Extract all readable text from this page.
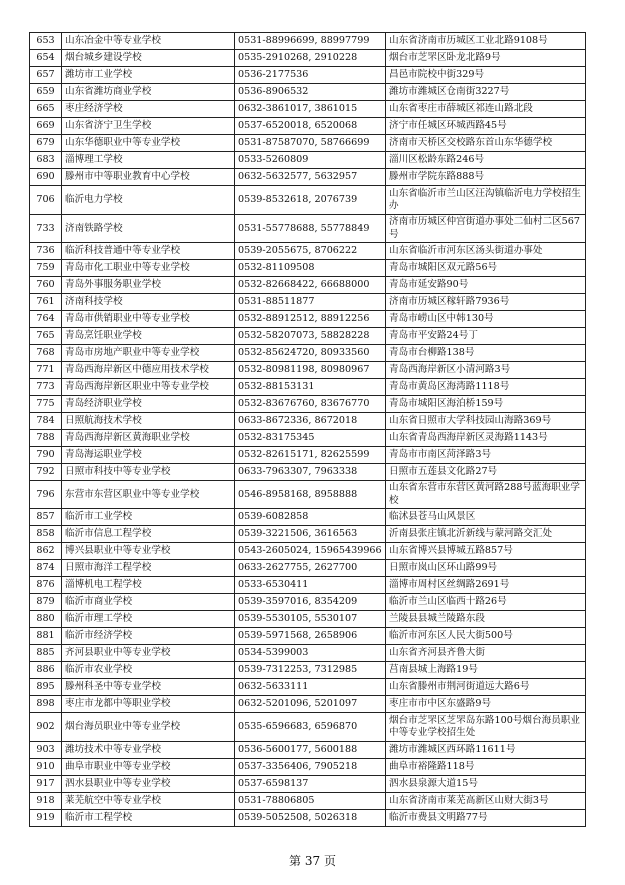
653	山东冶金中等专业学校	0531-88996699, 88997799	山东省济南市历城区工业北路9108号
654	烟台城乡建设学校	0535-2910268, 2910228	烟台市芝罘区卧龙北路9号
657	潍坊市工业学校	0536-2177536	昌邑市院校中街329号
659	山东省潍坊商业学校	0536-8906532	潍坊市潍城区仓南街3227号
665	枣庄经济学校	0632-3861017, 3861015	山东省枣庄市薛城区祁连山路北段
669	山东省济宁卫生学校	0537-6520018, 6520068	济宁市任城区环城西路45号
679	山东华德职业中等专业学校	0531-87587070, 58766699	济南市天桥区交校路东首山东华德学校
683	淄博理工学校	0533-5260809	淄川区松龄东路246号
690	滕州市中等职业教育中心学校	0632-5632577, 5632957	滕州市学院东路888号
706	临沂电力学校	0539-8532618, 2076739	山东省临沂市兰山区汪沟镇临沂电力学校招生办
733	济南铁路学校	0531-55778688, 55778849	济南市历城区仲宫街道办事处二仙村二区567号
736	临沂科技普通中等专业学校	0539-2055675, 8706222	山东省临沂市河东区汤头街道办事处
759	青岛市化工职业中等专业学校	0532-81109508	青岛市城阳区双元路56号
760	青岛外事服务职业学校	0532-82668422, 66688000	青岛市延安路90号
761	济南科技学校	0531-88511877	济南市历城区稼轩路7936号
764	青岛市供销职业中等专业学校	0532-88912512, 88912256	青岛市崂山区中韩130号
765	青岛烹饪职业学校	0532-58207073, 58828228	青岛市平安路24号丁
768	青岛市房地产职业中等专业学校	0532-85624720, 80933560	青岛市台柳路138号
771	青岛西海岸新区中德应用技术学校	0532-80981198, 80980967	青岛西海岸新区小清河路3号
773	青岛西海岸新区职业中等专业学校	0532-88153131	青岛市黄岛区海湾路1118号
775	青岛经济职业学校	0532-83676760, 83676770	青岛市城阳区海泊桥159号
784	日照航海技术学校	0633-8672336, 8672018	山东省日照市大学科技园山海路369号
788	青岛西海岸新区黄海职业学校	0532-83175345	山东省青岛西海岸新区灵海路1143号
790	青岛海运职业学校	0532-82615171, 82625599	青岛市市南区菏泽路3号
792	日照市科技中等专业学校	0633-7963307, 7963338	日照市五莲县文化路27号
796	东营市东营区职业中等专业学校	0546-8958168, 8958888	山东省东营市东营区黄河路288号蓝海职业学校
857	临沂市工业学校	0539-6082858	临沭县苍马山风景区
858	临沂市信息工程学校	0539-3221506, 3616563	沂南县张庄镇北沂新线与蒙河路交汇处
862	博兴县职业中等专业学校	0543-2605024, 15965439966	山东省博兴县博城五路857号
874	日照市海洋工程学校	0633-2627755, 2627700	日照市岚山区环山路99号
876	淄博机电工程学校	0533-6530411	淄博市周村区丝绸路2691号
879	临沂市商业学校	0539-3597016, 8354209	临沂市兰山区临西十路26号
880	临沂市理工学校	0539-5530105, 5530107	兰陵县县城兰陵路东段
881	临沂市经济学校	0539-5971568, 2658906	临沂市河东区人民大街500号
885	齐河县职业中等专业学校	0534-5399003	山东省齐河县齐鲁大街
886	临沂市农业学校	0539-7312253, 7312985	莒南县城上海路19号
895	滕州科圣中等专业学校	0632-5633111	山东省滕州市荆河街道远大路6号
898	枣庄市龙都中等职业学校	0632-5201096, 5201097	枣庄市市中区东盛路9号
902	烟台海员职业中等专业学校	0535-6596683, 6596870	烟台市芝罘区芝罘岛东路100号烟台海员职业中等专业学校招生处
903	潍坊技术中等专业学校	0536-5600177, 5600188	潍坊市潍城区西环路11611号
910	曲阜市职业中等专业学校	0537-3356406, 7905218	曲阜市裕隆路118号
917	泗水县职业中等专业学校	0537-6598137	泗水县泉源大道15号
918	莱芜航空中等专业学校	0531-78806805	山东省济南市莱芜高新区山财大街3号
919	临沂市工程学校	0539-5052508, 5026318	临沂市费县文明路77号
第 37 页
